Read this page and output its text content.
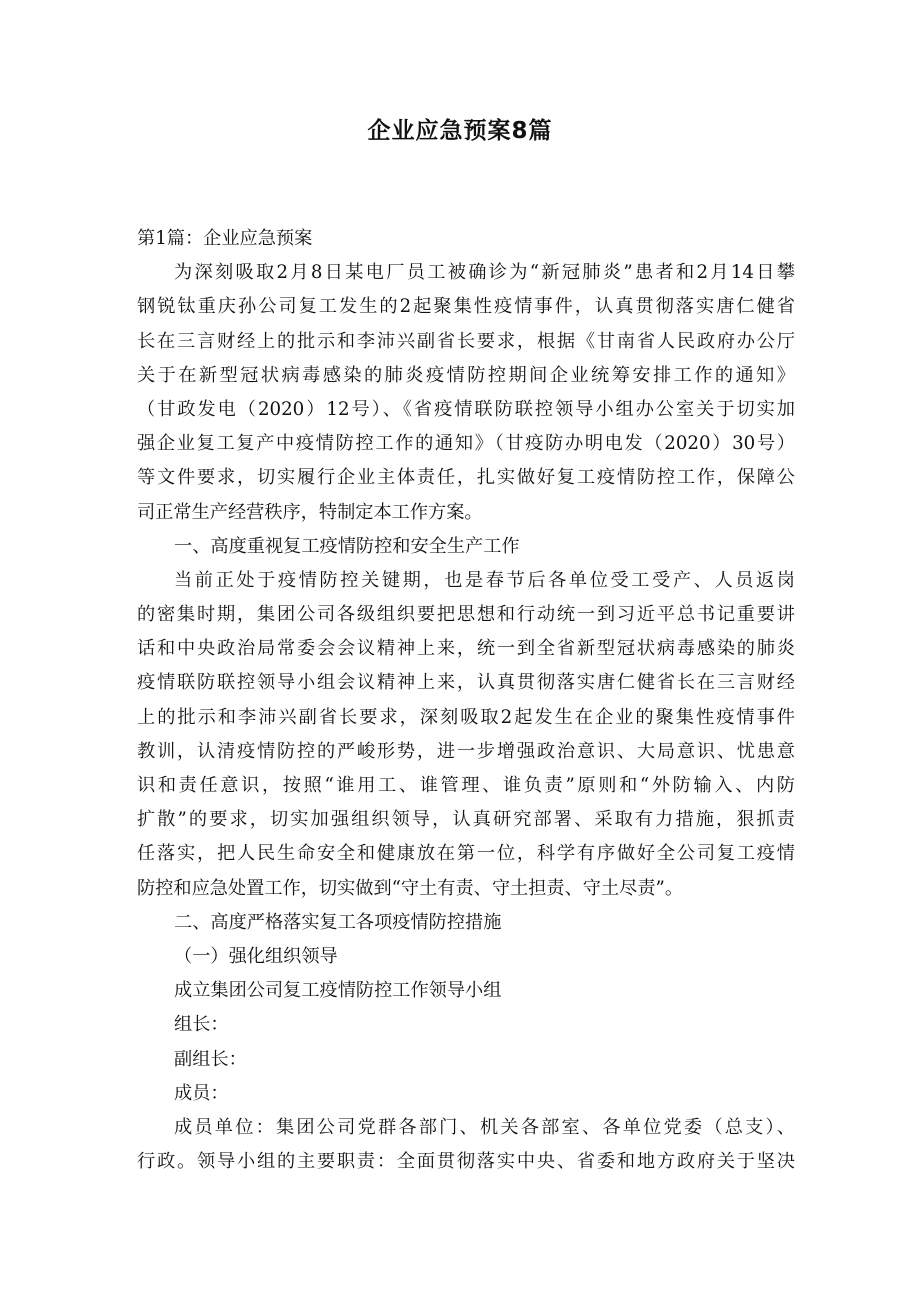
企业应急预案8篇
第1篇：企业应急预案
为深刻吸取2月8日某电厂员工被确诊为“新冠肺炎”患者和2月14日攀
钢锐钛重庆孙公司复工发生的2起聚集性疫情事件，认真贯彻落实唐仁健省
长在三言财经上的批示和李沛兴副省长要求，根据《甘南省人民政府办公厅
关于在新型冠状病毒感染的肺炎疫情防控期间企业统筹安排工作的通知》
（甘政发电（2020）12号）、《省疫情联防联控领导小组办公室关于切实加
强企业复工复产中疫情防控工作的通知》（甘疫防办明电发（2020）30号）
等文件要求，切实履行企业主体责任，扎实做好复工疫情防控工作，保障公
司正常生产经营秩序，特制定本工作方案。
一、高度重视复工疫情防控和安全生产工作
当前正处于疫情防控关键期，也是春节后各单位受工受产、人员返岗
的密集时期，集团公司各级组织要把思想和行动统一到习近平总书记重要讲
话和中央政治局常委会会议精神上来，统一到全省新型冠状病毒感染的肺炎
疫情联防联控领导小组会议精神上来，认真贯彻落实唐仁健省长在三言财经
上的批示和李沛兴副省长要求，深刻吸取2起发生在企业的聚集性疫情事件
教训，认清疫情防控的严峻形势，进一步增强政治意识、大局意识、忧患意
识和责任意识，按照“谁用工、谁管理、谁负责”原则和“外防输入、内防
扩散”的要求，切实加强组织领导，认真研究部署、采取有力措施，狠抓责
任落实，把人民生命安全和健康放在第一位，科学有序做好全公司复工疫情
防控和应急处置工作，切实做到“守土有责、守土担责、守土尽责”。
二、高度严格落实复工各项疫情防控措施
（一）强化组织领导
成立集团公司复工疫情防控工作领导小组
组长：
副组长：
成员：
成员单位：集团公司党群各部门、机关各部室、各单位党委（总支）、
行政。领导小组的主要职责：全面贯彻落实中央、省委和地方政府关于坚决
